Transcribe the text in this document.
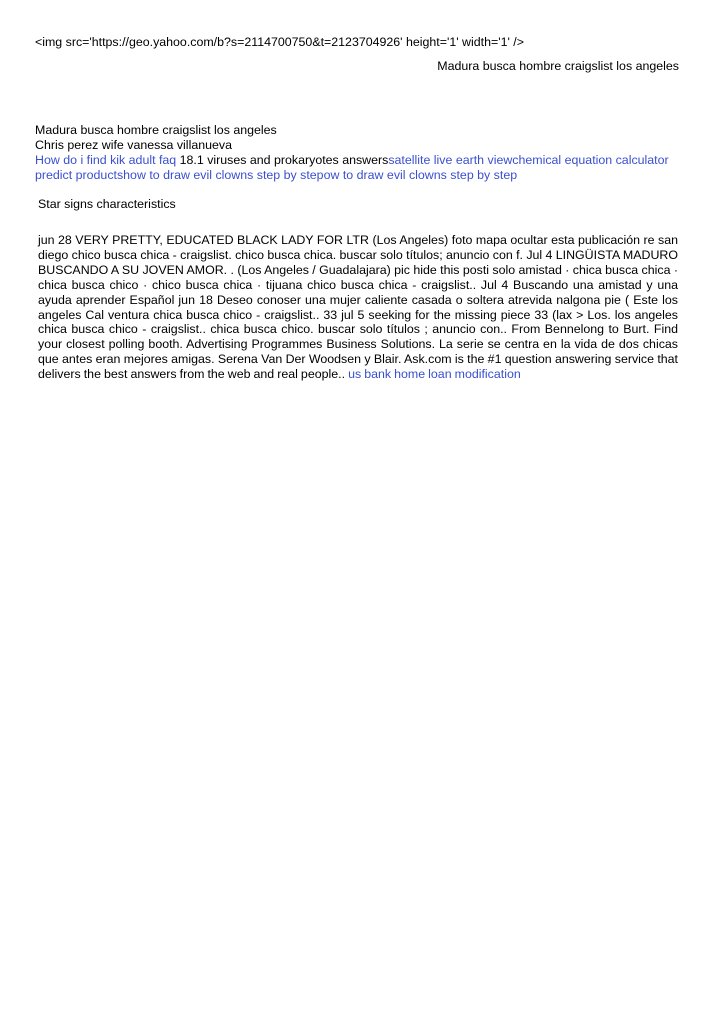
<img src='https://geo.yahoo.com/b?s=2114700750&t=2123704926' height='1' width='1' />
Madura busca hombre craigslist los angeles
Madura busca hombre craigslist los angeles
Chris perez wife vanessa villanueva
How do i find kik adult faq 18.1 viruses and prokaryotes answerssatellite live earth viewchemical equation calculator predict productshow to draw evil clowns step by stepow to draw evil clowns step by step
Star signs characteristics
jun 28 VERY PRETTY, EDUCATED BLACK LADY FOR LTR (Los Angeles) foto mapa ocultar esta publicación re san diego chico busca chica - craigslist. chico busca chica. buscar solo títulos; anuncio con f. Jul 4 LINGÜISTA MADURO BUSCANDO A SU JOVEN AMOR. . (Los Angeles / Guadalajara) pic hide this posti solo amistad · chica busca chica · chica busca chico · chico busca chica · tijuana chico busca chica - craigslist.. Jul 4 Buscando una amistad y una ayuda aprender Español jun 18 Deseo conoser una mujer caliente casada o soltera atrevida nalgona pie ( Este los angeles Cal ventura chica busca chico - craigslist.. 33 jul 5 seeking for the missing piece 33 (lax > Los. los angeles chica busca chico - craigslist.. chica busca chico. buscar solo títulos ; anuncio con.. From Bennelong to Burt. Find your closest polling booth. Advertising Programmes Business Solutions. La serie se centra en la vida de dos chicas que antes eran mejores amigas. Serena Van Der Woodsen y Blair. Ask.com is the #1 question answering service that delivers the best answers from the web and real people.. us bank home loan modification
